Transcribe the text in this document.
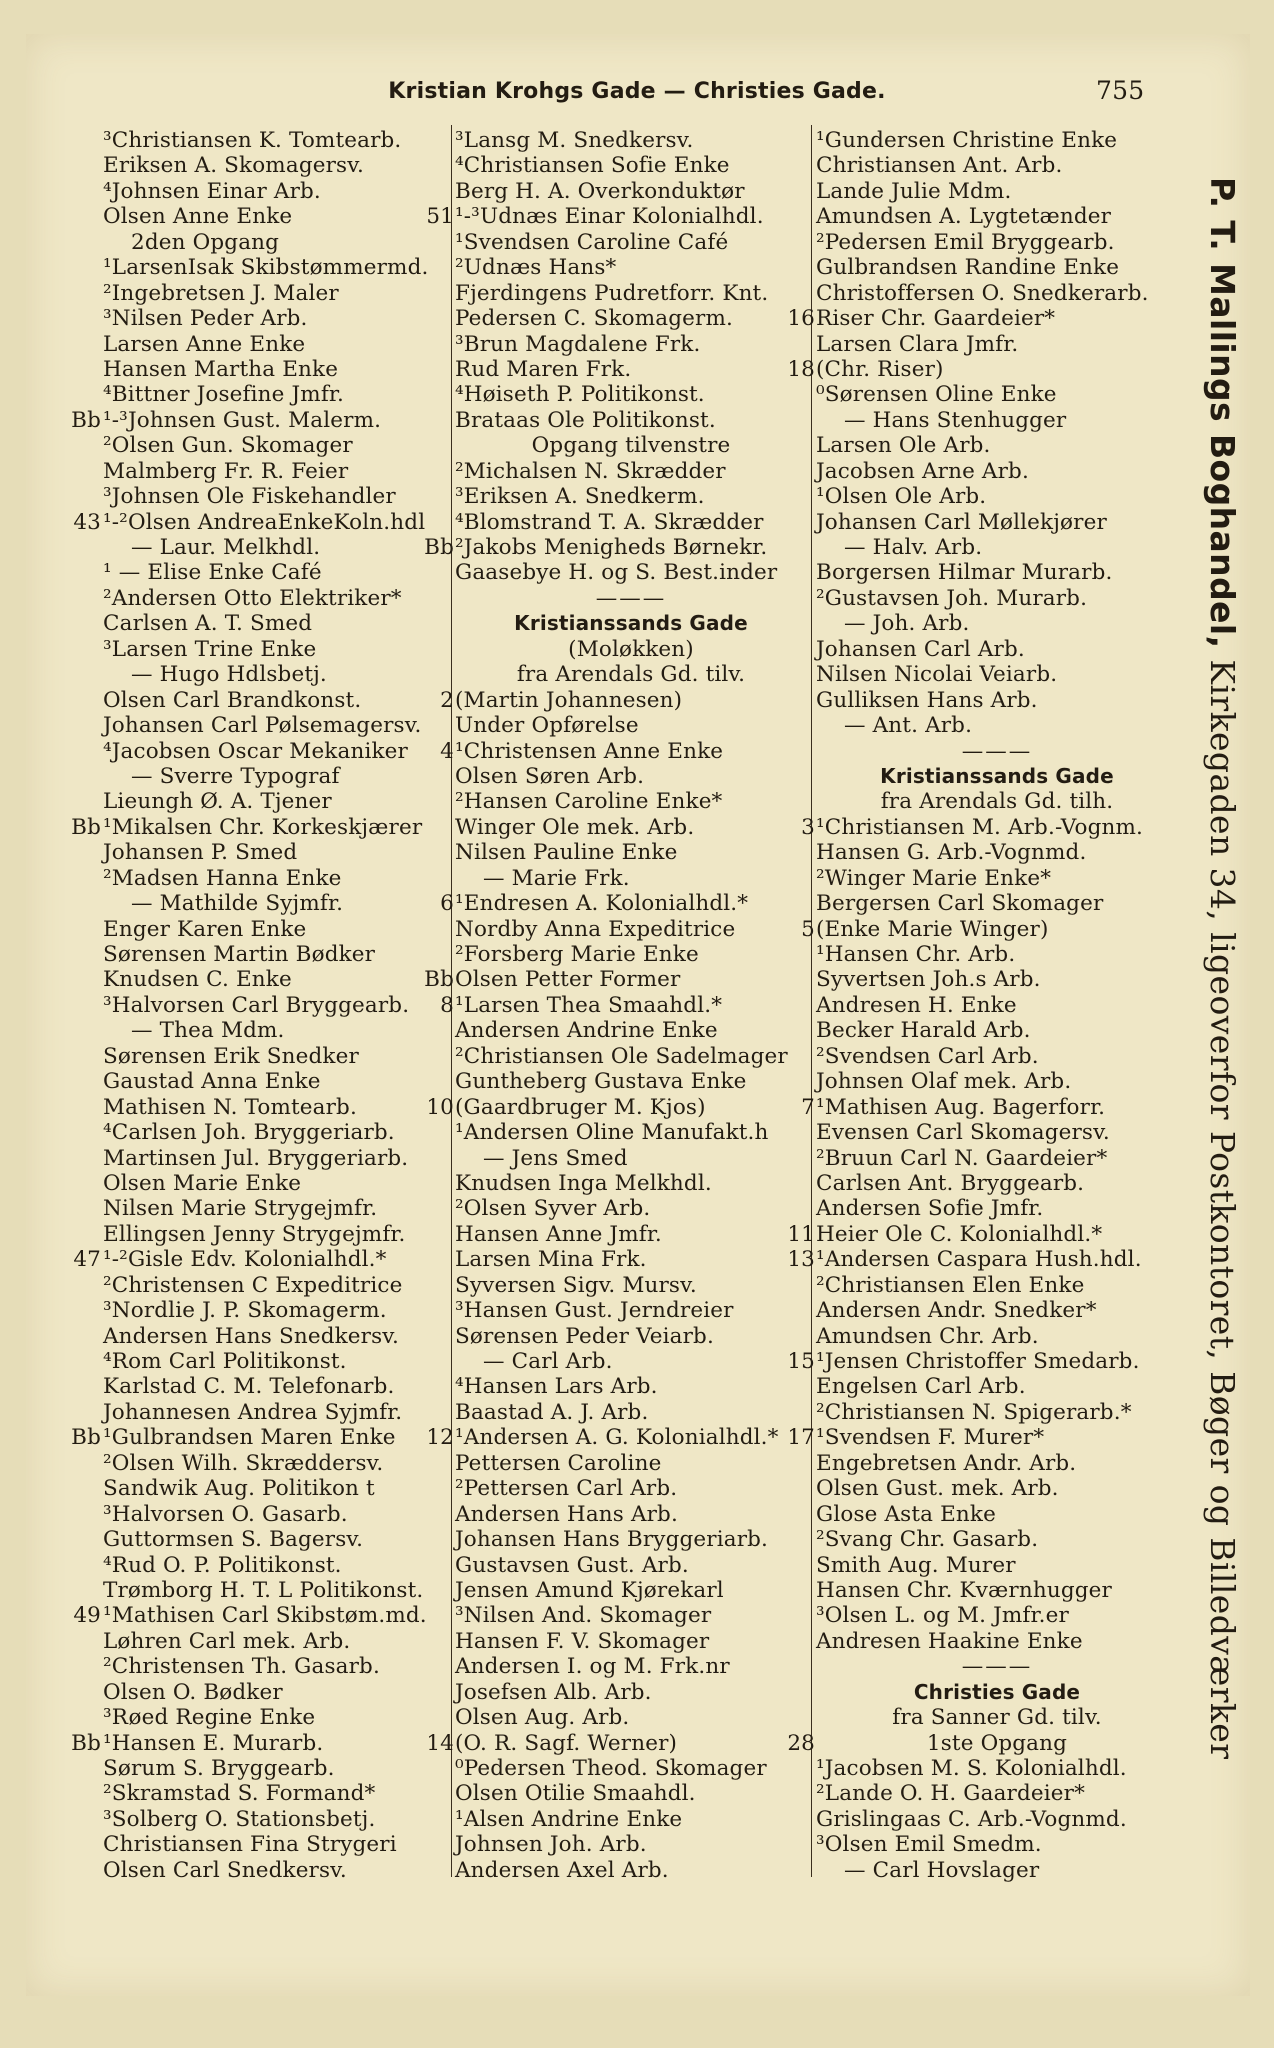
Kristian Krohgs Gade — Christies Gade.	755
³Christiansen K. Tomtearb.
Eriksen A. Skomagersv.
⁴Johnsen Einar Arb.
Olsen Anne Enke
2den Opgang
¹LarsenIsak Skibstømmermd.
²Ingebretsen J. Maler
³Nilsen Peder Arb.
Larsen Anne Enke
Hansen Martha Enke
⁴Bittner Josefine Jmfr.
Bb ¹-³Johnsen Gust. Malerm.
²Olsen Gun. Skomager
Malmberg Fr. R. Feier
³Johnsen Ole Fiskehandler
43 ¹-²Olsen AndreaEnkeKoln.hdl
— Laur. Melkhdl.
¹ — Elise Enke Café
²Andersen Otto Elektriker*
Carlsen A. T. Smed
³Larsen Trine Enke
— Hugo Hdlsbetj.
Olsen Carl Brandkonst.
Johansen Carl Pølsemagersv.
⁴Jacobsen Oscar Mekaniker
— Sverre Typograf
Lieungh Ø. A. Tjener
Bb ¹Mikalsen Chr. Korkeskjærer
Johansen P. Smed
²Madsen Hanna Enke
— Mathilde Syjmfr.
Enger Karen Enke
Sørensen Martin Bødker
Knudsen C. Enke
³Halvorsen Carl Bryggearb.
— Thea Mdm.
Sørensen Erik Snedker
Gaustad Anna Enke
Mathisen N. Tomtearb.
⁴Carlsen Joh. Bryggeriarb.
Martinsen Jul. Bryggeriarb.
Olsen Marie Enke
Nilsen Marie Strygejmfr.
Ellingsen Jenny Strygejmfr.
47 ¹-²Gisle Edv. Kolonialhdl.*
²Christensen C Expeditrice
³Nordlie J. P. Skomagerm.
Andersen Hans Snedkersv.
⁴Rom Carl Politikonst.
Karlstad C. M. Telefonarb.
Johannesen Andrea Syjmfr.
Bb ¹Gulbrandsen Maren Enke
²Olsen Wilh. Skræddersv.
Sandwik Aug. Politikon t
³Halvorsen O. Gasarb.
Guttormsen S. Bagersv.
⁴Rud O. P. Politikonst.
Trømborg H. T. L Politikonst.
49 ¹Mathisen Carl Skibstøm.md.
Løhren Carl mek. Arb.
²Christensen Th. Gasarb.
Olsen O. Bødker
³Røed Regine Enke
Bb ¹Hansen E. Murarb.
Sørum S. Bryggearb.
²Skramstad S. Formand*
³Solberg O. Stationsbetj.
Christiansen Fina Strygeri
Olsen Carl Snedkersv.
³Lansg M. Snedkersv.
⁴Christiansen Sofie Enke
Berg H. A. Overkonduktør
51 ¹-³Udnæs Einar Kolonialhdl.
¹Svendsen Caroline Café
²Udnæs Hans*
Fjerdingens Pudretforr. Knt.
Pedersen C. Skomagerm.
³Brun Magdalene Frk.
Rud Maren Frk.
⁴Høiseth P. Politikonst.
Brataas Ole Politikonst.
Opgang tilvenstre
²Michalsen N. Skrædder
³Eriksen A. Snedkerm.
⁴Blomstrand T. A. Skrædder
Bb ²Jakobs Menigheds Børnekr.
Gaasebye H. og S. Best.inder
———
Kristianssands Gade
(Moløkken)
fra Arendals Gd. tilv.
2 (Martin Johannesen)
Under Opførelse
4 ¹Christensen Anne Enke
Olsen Søren Arb.
²Hansen Caroline Enke*
Winger Ole mek. Arb.
Nilsen Pauline Enke
— Marie Frk.
6 ¹Endresen A. Kolonialhdl.*
Nordby Anna Expeditrice
²Forsberg Marie Enke
Bb Olsen Petter Former
8 ¹Larsen Thea Smaahdl.*
Andersen Andrine Enke
²Christiansen Ole Sadelmager
Guntheberg Gustava Enke
10 (Gaardbruger M. Kjos)
¹Andersen Oline Manufakt.h
— Jens Smed
Knudsen Inga Melkhdl.
²Olsen Syver Arb.
Hansen Anne Jmfr.
Larsen Mina Frk.
Syversen Sigv. Mursv.
³Hansen Gust. Jerndreier
Sørensen Peder Veiarb.
— Carl Arb.
⁴Hansen Lars Arb.
Baastad A. J. Arb.
12 ¹Andersen A. G. Kolonialhdl.*
Pettersen Caroline
²Pettersen Carl Arb.
Andersen Hans Arb.
Johansen Hans Bryggeriarb.
Gustavsen Gust. Arb.
Jensen Amund Kjørekarl
³Nilsen And. Skomager
Hansen F. V. Skomager
Andersen I. og M. Frk.nr
Josefsen Alb. Arb.
Olsen Aug. Arb.
14 (O. R. Sagf. Werner)
⁰Pedersen Theod. Skomager
Olsen Otilie Smaahdl.
¹Alsen Andrine Enke
Johnsen Joh. Arb.
Andersen Axel Arb.
¹Gundersen Christine Enke
Christiansen Ant. Arb.
Lande Julie Mdm.
Amundsen A. Lygtetænder
²Pedersen Emil Bryggearb.
Gulbrandsen Randine Enke
Christoffersen O. Snedkerarb.
16 Riser Chr. Gaardeier*
Larsen Clara Jmfr.
18 (Chr. Riser)
⁰Sørensen Oline Enke
— Hans Stenhugger
Larsen Ole Arb.
Jacobsen Arne Arb.
¹Olsen Ole Arb.
Johansen Carl Møllekjører
— Halv. Arb.
Borgersen Hilmar Murarb.
²Gustavsen Joh. Murarb.
— Joh. Arb.
Johansen Carl Arb.
Nilsen Nicolai Veiarb.
Gulliksen Hans Arb.
— Ant. Arb.
———
Kristianssands Gade
fra Arendals Gd. tilh.
3 ¹Christiansen M. Arb.-Vognm.
Hansen G. Arb.-Vognmd.
²Winger Marie Enke*
Bergersen Carl Skomager
5 (Enke Marie Winger)
¹Hansen Chr. Arb.
Syvertsen Joh.s Arb.
Andresen H. Enke
Becker Harald Arb.
²Svendsen Carl Arb.
Johnsen Olaf mek. Arb.
7 ¹Mathisen Aug. Bagerforr.
Evensen Carl Skomagersv.
²Bruun Carl N. Gaardeier*
Carlsen Ant. Bryggearb.
Andersen Sofie Jmfr.
11 Heier Ole C. Kolonialhdl.*
13 ¹Andersen Caspara Hush.hdl.
²Christiansen Elen Enke
Andersen Andr. Snedker*
Amundsen Chr. Arb.
15 ¹Jensen Christoffer Smedarb.
Engelsen Carl Arb.
²Christiansen N. Spigerarb.*
17 ¹Svendsen F. Murer*
Engebretsen Andr. Arb.
Olsen Gust. mek. Arb.
Glose Asta Enke
²Svang Chr. Gasarb.
Smith Aug. Murer
Hansen Chr. Kværnhugger
³Olsen L. og M. Jmfr.er
Andresen Haakine Enke
———
Christies Gade
fra Sanner Gd. tilv.
28	1ste Opgang
¹Jacobsen M. S. Kolonialhdl.
²Lande O. H. Gaardeier*
Grislingaas C. Arb.-Vognmd.
³Olsen Emil Smedm.
— Carl Hovslager
P. T. Mallings Boghandel, Kirkegaden 34, ligeoverfor Postkontoret, Bøger og Billedværker
